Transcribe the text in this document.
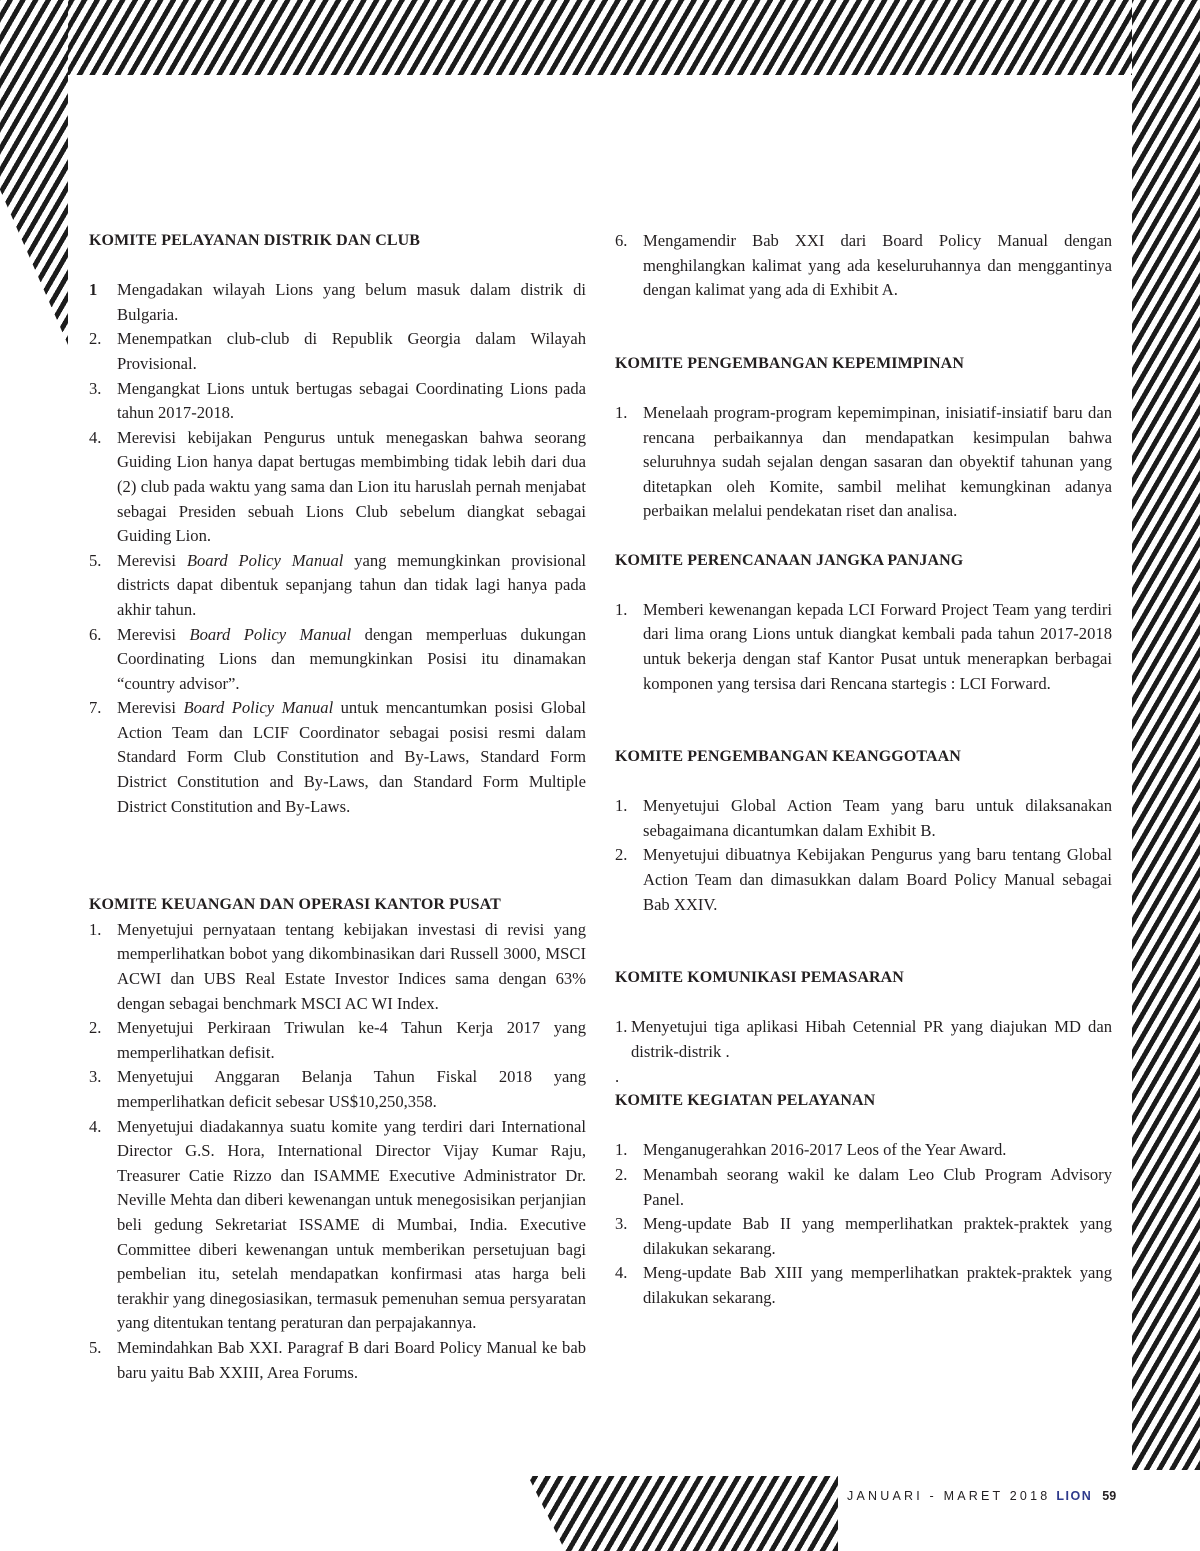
KOMITE PELAYANAN DISTRIK DAN CLUB
1 Mengadakan wilayah Lions yang belum masuk dalam distrik di Bulgaria.
2. Menempatkan club-club di Republik Georgia dalam Wilayah Provisional.
3. Mengangkat Lions untuk bertugas sebagai Coordinating Lions pada tahun 2017-2018.
4. Merevisi kebijakan Pengurus untuk menegaskan bahwa seorang Guiding Lion hanya dapat bertugas membimbing tidak lebih dari dua (2) club pada waktu yang sama dan Lion itu haruslah pernah menjabat sebagai Presiden sebuah Lions Club sebelum diangkat sebagai Guiding Lion.
5. Merevisi Board Policy Manual yang memungkinkan provisional districts dapat dibentuk sepanjang tahun dan tidak lagi hanya pada akhir tahun.
6. Merevisi Board Policy Manual dengan memperluas dukungan Coordinating Lions dan memungkinkan Posisi itu dinamakan “country advisor”.
7. Merevisi Board Policy Manual untuk mencantumkan posisi Global Action Team dan LCIF Coordinator sebagai posisi resmi dalam Standard Form Club Constitution and By-Laws, Standard Form District Constitution and By-Laws, dan Standard Form Multiple District Constitution and By-Laws.
KOMITE KEUANGAN DAN OPERASI KANTOR PUSAT
1. Menyetujui pernyataan tentang kebijakan investasi di revisi yang memperlihatkan bobot yang dikombinasikan dari Russell 3000, MSCI ACWI dan UBS Real Estate Investor Indices sama dengan 63% dengan sebagai benchmark MSCI AC WI Index.
2. Menyetujui Perkiraan Triwulan ke-4 Tahun Kerja 2017 yang memperlihatkan defisit.
3. Menyetujui Anggaran Belanja Tahun Fiskal 2018 yang memperlihatkan deficit sebesar US$10,250,358.
4. Menyetujui diadakannya suatu komite yang terdiri dari International Director G.S. Hora, International Director Vijay Kumar Raju, Treasurer Catie Rizzo dan ISAMME Executive Administrator Dr. Neville Mehta dan diberi kewenangan untuk menegosisikan perjanjian beli gedung Sekretariat ISSAME di Mumbai, India. Executive Committee diberi kewenangan untuk memberikan persetujuan bagi pembelian itu, setelah mendapatkan konfirmasi atas harga beli terakhir yang dinegosiasikan, termasuk pemenuhan semua persyaratan yang ditentukan tentang peraturan dan perpajakannya.
5. Memindahkan Bab XXI. Paragraf B dari Board Policy Manual ke bab baru yaitu Bab XXIII, Area Forums.
6. Mengamendir Bab XXI dari Board Policy Manual dengan menghilangkan kalimat yang ada keseluruhannya dan menggantinya dengan kalimat yang ada di Exhibit A.
KOMITE PENGEMBANGAN KEPEMIMPINAN
1. Menelaah program-program kepemimpinan, inisiatif-insiatif baru dan rencana perbaikannya dan mendapatkan kesimpulan bahwa seluruhnya sudah sejalan dengan sasaran dan obyektif tahunan yang ditetapkan oleh Komite, sambil melihat kemungkinan adanya perbaikan melalui pendekatan riset dan analisa.
KOMITE PERENCANAAN JANGKA PANJANG
1. Memberi kewenangan kepada LCI Forward Project Team yang terdiri dari lima orang Lions untuk diangkat kembali pada tahun 2017-2018 untuk bekerja dengan staf Kantor Pusat untuk menerapkan berbagai komponen yang tersisa dari Rencana startegis : LCI Forward.
KOMITE PENGEMBANGAN KEANGGOTAAN
1. Menyetujui Global Action Team yang baru untuk dilaksanakan sebagaimana dicantumkan dalam Exhibit B.
2. Menyetujui dibuatnya Kebijakan Pengurus yang baru tentang Global Action Team dan dimasukkan dalam Board Policy Manual sebagai Bab XXIV.
KOMITE KOMUNIKASI PEMASARAN
1. Menyetujui tiga aplikasi Hibah Cetennial PR yang diajukan MD dan distrik-distrik .
.
KOMITE KEGIATAN PELAYANAN
1. Menganugerahkan 2016-2017 Leos of the Year Award.
2. Menambah seorang wakil ke dalam Leo Club Program Advisory Panel.
3. Meng-update Bab II yang memperlihatkan praktek-praktek yang dilakukan sekarang.
4. Meng-update Bab XIII yang memperlihatkan praktek-praktek yang dilakukan sekarang.
JANUARI - MARET 2018 LION 59
